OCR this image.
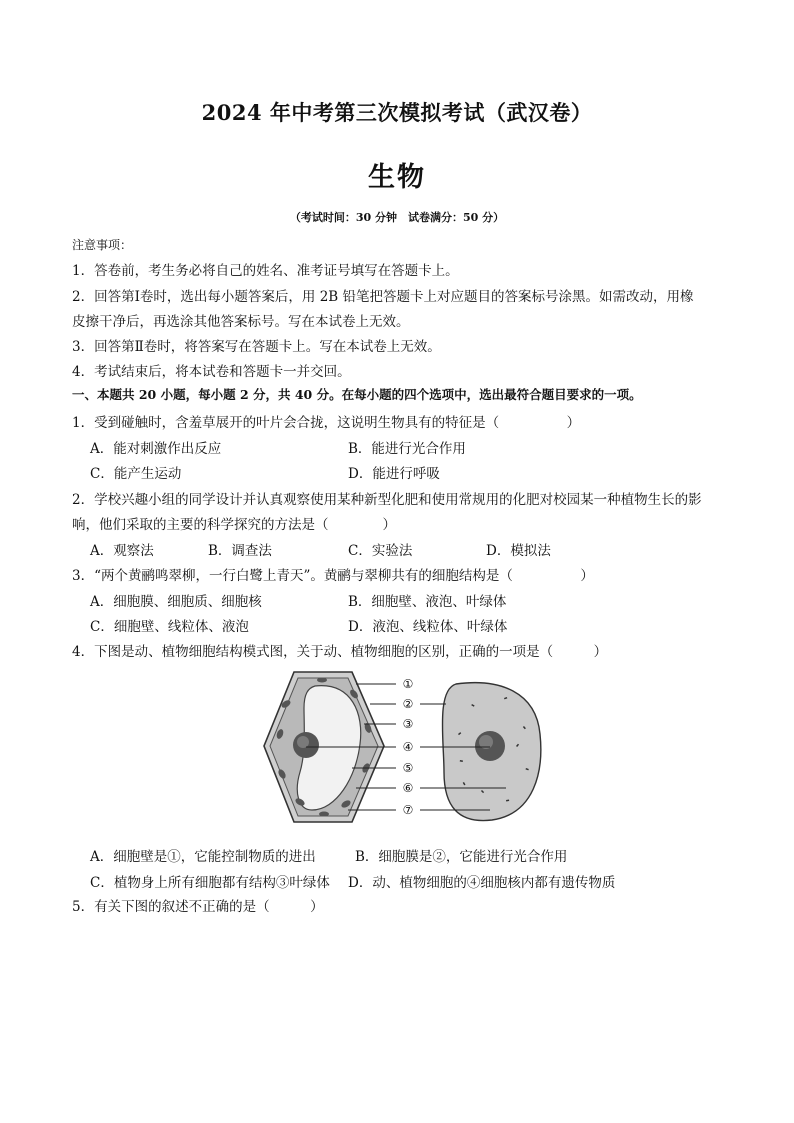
2024 年中考第三次模拟考试（武汉卷）
生物
（考试时间：30 分钟　试卷满分：50 分）
注意事项：
1．答卷前，考生务必将自己的姓名、准考证号填写在答题卡上。
2．回答第Ⅰ卷时，选出每小题答案后，用 2B 铅笔把答题卡上对应题目的答案标号涂黑。如需改动，用橡
皮擦干净后，再选涂其他答案标号。写在本试卷上无效。
3．回答第Ⅱ卷时，将答案写在答题卡上。写在本试卷上无效。
4．考试结束后，将本试卷和答题卡一并交回。
一、本题共 20 小题，每小题 2 分，共 40 分。在每小题的四个选项中，选出最符合题目要求的一项。
1．受到碰触时，含羞草展开的叶片会合拢，这说明生物具有的特征是（　　　　　）
A．能对刺激作出反应	B．能进行光合作用
C．能产生运动	D．能进行呼吸
2．学校兴趣小组的同学设计并认真观察使用某种新型化肥和使用常规用的化肥对校园某一种植物生长的影
响，他们采取的主要的科学探究的方法是（　　　　）
A．观察法	B．调查法	C．实验法	D．模拟法
3．“两个黄鹂鸣翠柳，一行白鹭上青天”。黄鹂与翠柳共有的细胞结构是（　　　　　）
A．细胞膜、细胞质、细胞核	B．细胞壁、液泡、叶绿体
C．细胞壁、线粒体、液泡	D．液泡、线粒体、叶绿体
4．下图是动、植物细胞结构模式图，关于动、植物细胞的区别，正确的一项是（　　　）
①
②
③
④
⑤
⑥
⑦
A．细胞壁是①，它能控制物质的进出	B．细胞膜是②，它能进行光合作用
C．植物身上所有细胞都有结构③叶绿体 D．动、植物细胞的④细胞核内都有遗传物质
5．有关下图的叙述不正确的是（　　　）
